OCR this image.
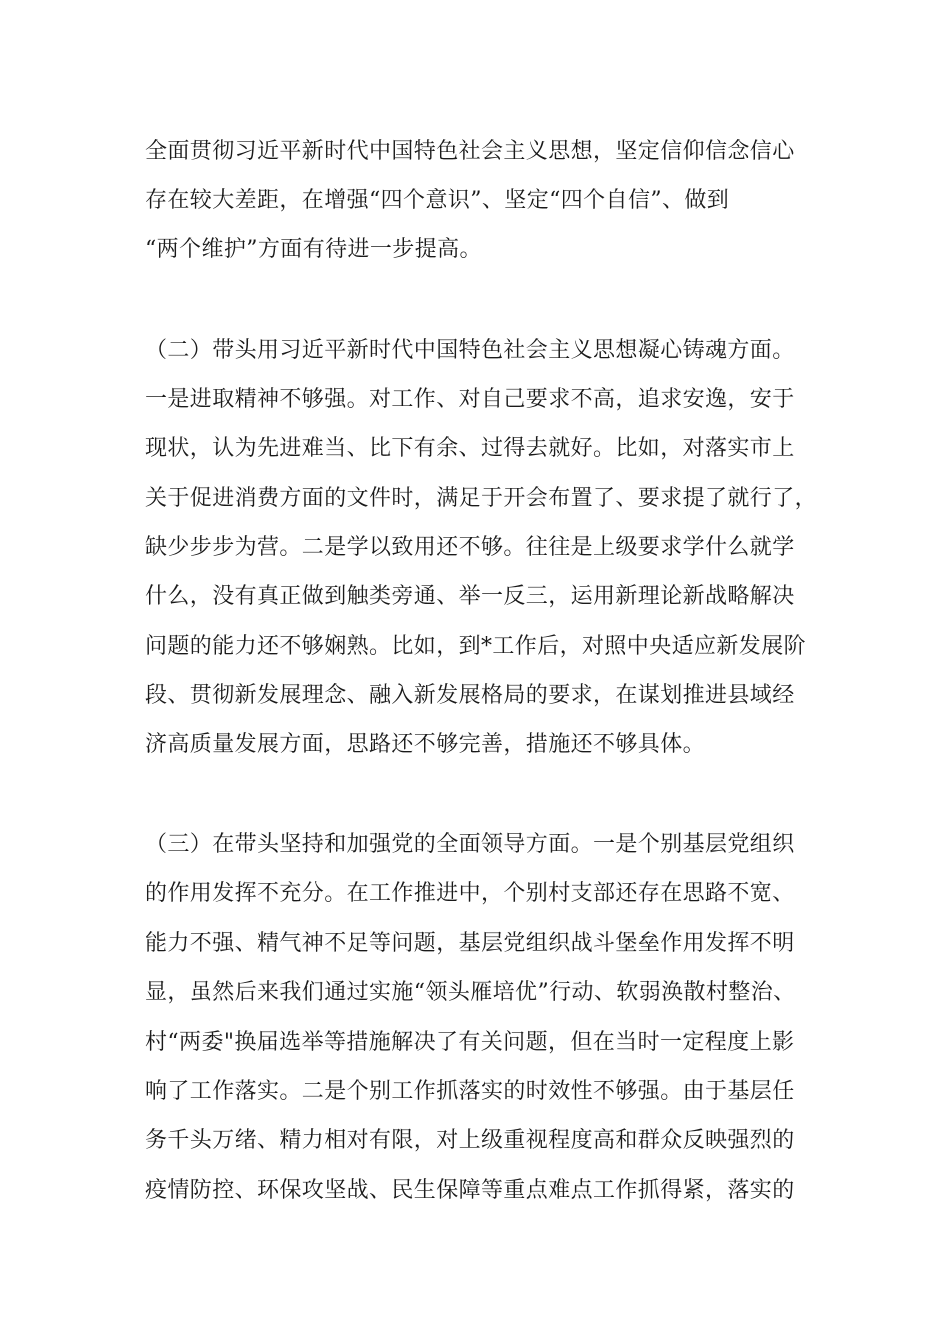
全面贯彻习近平新时代中国特色社会主义思想，坚定信仰信念信心
存在较大差距，在增强“四个意识”、坚定“四个自信”、做到
“两个维护”方面有待进一步提高。
（二）带头用习近平新时代中国特色社会主义思想凝心铸魂方面。
一是进取精神不够强。对工作、对自己要求不高，追求安逸，安于
现状，认为先进难当、比下有余、过得去就好。比如，对落实市上
关于促进消费方面的文件时，满足于开会布置了、要求提了就行了，
缺少步步为营。二是学以致用还不够。往往是上级要求学什么就学
什么，没有真正做到触类旁通、举一反三，运用新理论新战略解决
问题的能力还不够娴熟。比如，到*工作后，对照中央适应新发展阶
段、贯彻新发展理念、融入新发展格局的要求，在谋划推进县域经
济高质量发展方面，思路还不够完善，措施还不够具体。
（三）在带头坚持和加强党的全面领导方面。一是个别基层党组织
的作用发挥不充分。在工作推进中，个别村支部还存在思路不宽、
能力不强、精气神不足等问题，基层党组织战斗堡垒作用发挥不明
显，虽然后来我们通过实施“领头雁培优”行动、软弱涣散村整治、
村“两委"换届选举等措施解决了有关问题，但在当时一定程度上影
响了工作落实。二是个别工作抓落实的时效性不够强。由于基层任
务千头万绪、精力相对有限，对上级重视程度高和群众反映强烈的
疫情防控、环保攻坚战、民生保障等重点难点工作抓得紧，落实的
